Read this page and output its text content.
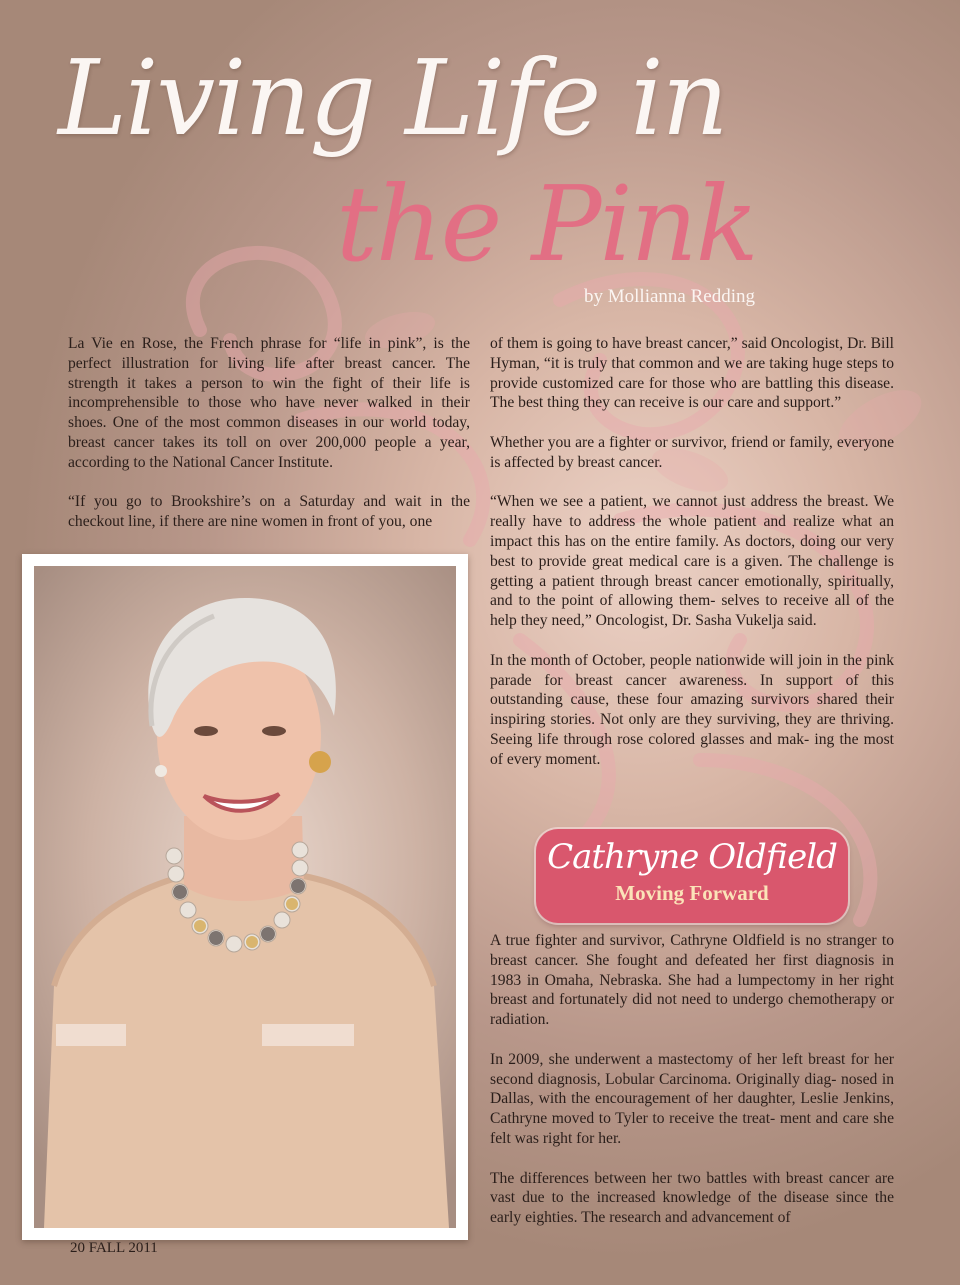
Living Life in
the Pink
by Mollianna Redding

La Vie en Rose, the French phrase for “life in pink”, is the perfect illustration for living life after breast cancer. The strength it takes a person to win the fight of their life is incomprehensible to those who have never walked in their shoes. One of the most common diseases in our world today, breast cancer takes its toll on over 200,000 people a year, according to the National Cancer Institute.

“If you go to Brookshire’s on a Saturday and wait in the checkout line, if there are nine women in front of you, one

of them is going to have breast cancer,” said Oncologist, Dr. Bill Hyman, “it is truly that common and we are taking huge steps to provide customized care for those who are battling this disease. The best thing they can receive is our care and support.”

Whether you are a fighter or survivor, friend or family, everyone is affected by breast cancer.

“When we see a patient, we cannot just address the breast. We really have to address the whole patient and realize what an impact this has on the entire family. As doctors, doing our very best to provide great medical care is a given. The challenge is getting a patient through breast cancer emotionally, spiritually, and to the point of allowing them- selves to receive all of the help they need,” Oncologist, Dr. Sasha Vukelja said.

In the month of October, people nationwide will join in the pink parade for breast cancer awareness. In support of this outstanding cause, these four amazing survivors shared their inspiring stories. Not only are they surviving, they are thriving. Seeing life through rose colored glasses and mak- ing the most of every moment.

Cathryne Oldfield
Moving Forward

A true fighter and survivor, Cathryne Oldfield is no stranger to breast cancer. She fought and defeated her first diagnosis in 1983 in Omaha, Nebraska. She had a lumpectomy in her right breast and fortunately did not need to undergo chemotherapy or radiation.

In 2009, she underwent a mastectomy of her left breast for her second diagnosis, Lobular Carcinoma. Originally diag- nosed in Dallas, with the encouragement of her daughter, Leslie Jenkins, Cathryne moved to Tyler to receive the treat- ment and care she felt was right for her.

The differences between her two battles with breast cancer are vast due to the increased knowledge of the disease since the early eighties. The research and advancement of

20 FALL 2011
